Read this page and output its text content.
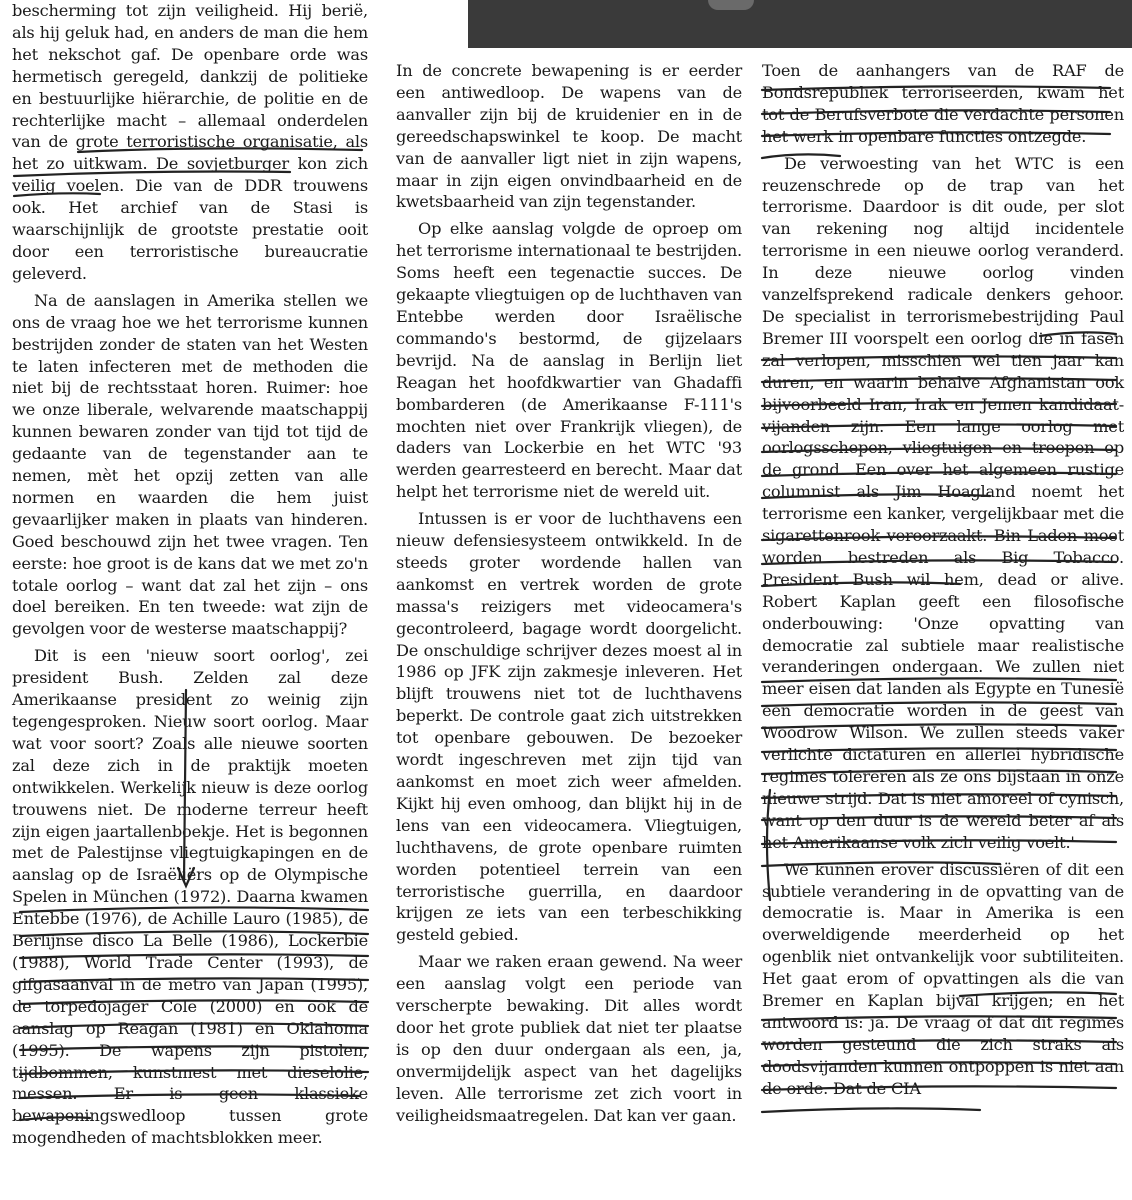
bescherming tot zijn veiligheid. Hij berië, als hij geluk had, en anders de man die hem het nekschot gaf. De openbare orde was hermetisch geregeld, dankzij de politieke en bestuurlijke hiërarchie, de politie en de rechterlijke macht – allemaal onderdelen van de grote terroristische organisatie, als het zo uitkwam. De sovjetburger kon zich veilig voelen. Die van de DDR trouwens ook. Het archief van de Stasi is waarschijnlijk de grootste prestatie ooit door een terroristische bureaucratie geleverd.

Na de aanslagen in Amerika stellen we ons de vraag hoe we het terrorisme kunnen bestrijden zonder de staten van het Westen te laten infecteren met de methoden die niet bij de rechtsstaat horen. Ruimer: hoe we onze liberale, welvarende maatschappij kunnen bewaren zonder van tijd tot tijd de gedaante van de tegenstander aan te nemen, mèt het opzij zetten van alle normen en waarden die hem juist gevaarlijker maken in plaats van hinderen. Goed beschouwd zijn het twee vragen. Ten eerste: hoe groot is de kans dat we met zo'n totale oorlog – want dat zal het zijn – ons doel bereiken. En ten tweede: wat zijn de gevolgen voor de westerse maatschappij?

Dit is een 'nieuw soort oorlog', zei president Bush. Zelden zal deze Amerikaanse president zo weinig zijn tegengesproken. Nieuw soort oorlog. Maar wat voor soort? Zoals alle nieuwe soorten zal deze zich in de praktijk moeten ontwikkelen. Werkelijk nieuw is deze oorlog trouwens niet. De moderne terreur heeft zijn eigen jaartallenboekje. Het is begonnen met de Palestijnse vliegtuigkapingen en de aanslag op de Israëliërs op de Olympische Spelen in München (1972). Daarna kwamen Entebbe (1976), de Achille Lauro (1985), de Berlijnse disco La Belle (1986), Lockerbie (1988), World Trade Center (1993), de gifgasaanval in de metro van Japan (1995), de torpedojager Cole (2000) en ook de aanslag op Reagan (1981) en Oklahoma (1995). De wapens zijn pistolen, tijdbommen, kunstmest met dieselolie, messen. Er is geen klassieke bewapeningswedloop tussen grote mogendheden of machtsblokken meer.

In de concrete bewapening is er eerder een antiwedloop. De wapens van de aanvaller zijn bij de kruidenier en in de gereedschapswinkel te koop. De macht van de aanvaller ligt niet in zijn wapens, maar in zijn eigen onvindbaarheid en de kwetsbaarheid van zijn tegenstander.

Op elke aanslag volgde de oproep om het terrorisme internationaal te bestrijden. Soms heeft een tegenactie succes. De gekaapte vliegtuigen op de luchthaven van Entebbe werden door Israëlische commando's bestormd, de gijzelaars bevrijd. Na de aanslag in Berlijn liet Reagan het hoofdkwartier van Ghadaffi bombarderen (de Amerikaanse F-111's mochten niet over Frankrijk vliegen), de daders van Lockerbie en het WTC '93 werden gearresteerd en berecht. Maar dat helpt het terrorisme niet de wereld uit.

Intussen is er voor de luchthavens een nieuw defensiesysteem ontwikkeld. In de steeds groter wordende hallen van aankomst en vertrek worden de grote massa's reizigers met videocamera's gecontroleerd, bagage wordt doorgelicht. De onschuldige schrijver dezes moest al in 1986 op JFK zijn zakmesje inleveren. Het blijft trouwens niet tot de luchthavens beperkt. De controle gaat zich uitstrekken tot openbare gebouwen. De bezoeker wordt ingeschreven met zijn tijd van aankomst en moet zich weer afmelden. Kijkt hij even omhoog, dan blijkt hij in de lens van een videocamera. Vliegtuigen, luchthavens, de grote openbare ruimten worden potentieel terrein van een terroristische guerrilla, en daardoor krijgen ze iets van een terbeschikking gesteld gebied.

Maar we raken eraan gewend. Na weer een aanslag volgt een periode van verscherpte bewaking. Dit alles wordt door het grote publiek dat niet ter plaatse is op den duur ondergaan als een, ja, onvermijdelijk aspect van het dagelijks leven. Alle terrorisme zet zich voort in veiligheidsmaatregelen. Dat kan ver gaan.

Toen de aanhangers van de RAF de Bondsrepubliek terroriseerden, kwam het tot de Berufsverbote die verdachte personen het werk in openbare functies ontzegde.

De verwoesting van het WTC is een reuzenschrede op de trap van het terrorisme. Daardoor is dit oude, per slot van rekening nog altijd incidentele terrorisme in een nieuwe oorlog veranderd. In deze nieuwe oorlog vinden vanzelfsprekend radicale denkers gehoor. De specialist in terrorismebestrijding Paul Bremer III voorspelt een oorlog die in fasen zal verlopen, misschien wel tien jaar kan duren, en waarin behalve Afghanistan ook bijvoorbeeld Iran, Irak en Jemen kandidaat-vijanden zijn. Een lange oorlog met oorlogsschepen, vliegtuigen en troepen op de grond. Een over het algemeen rustige columnist als Jim Hoagland noemt het terrorisme een kanker, vergelijkbaar met die sigarettenrook veroorzaakt. Bin Laden moet worden bestreden als Big Tobacco. President Bush wil hem, dead or alive. Robert Kaplan geeft een filosofische onderbouwing: 'Onze opvatting van democratie zal subtiele maar realistische veranderingen ondergaan. We zullen niet meer eisen dat landen als Egypte en Tunesië een democratie worden in de geest van Woodrow Wilson. We zullen steeds vaker verlichte dictaturen en allerlei hybridische regimes tolereren als ze ons bijstaan in onze nieuwe strijd. Dat is niet amoreel of cynisch, want op den duur is de wereld beter af als het Amerikaanse volk zich veilig voelt.'

We kunnen erover discussiëren of dit een subtiele verandering in de opvatting van de democratie is. Maar in Amerika is een overweldigende meerderheid op het ogenblik niet ontvankelijk voor subtiliteiten. Het gaat erom of opvattingen als die van Bremer en Kaplan bijval krijgen; en het antwoord is: ja. De vraag of dat dit regimes worden gesteund die zich straks als doodsvijanden kunnen ontpoppen is niet aan de orde. Dat de CIA
